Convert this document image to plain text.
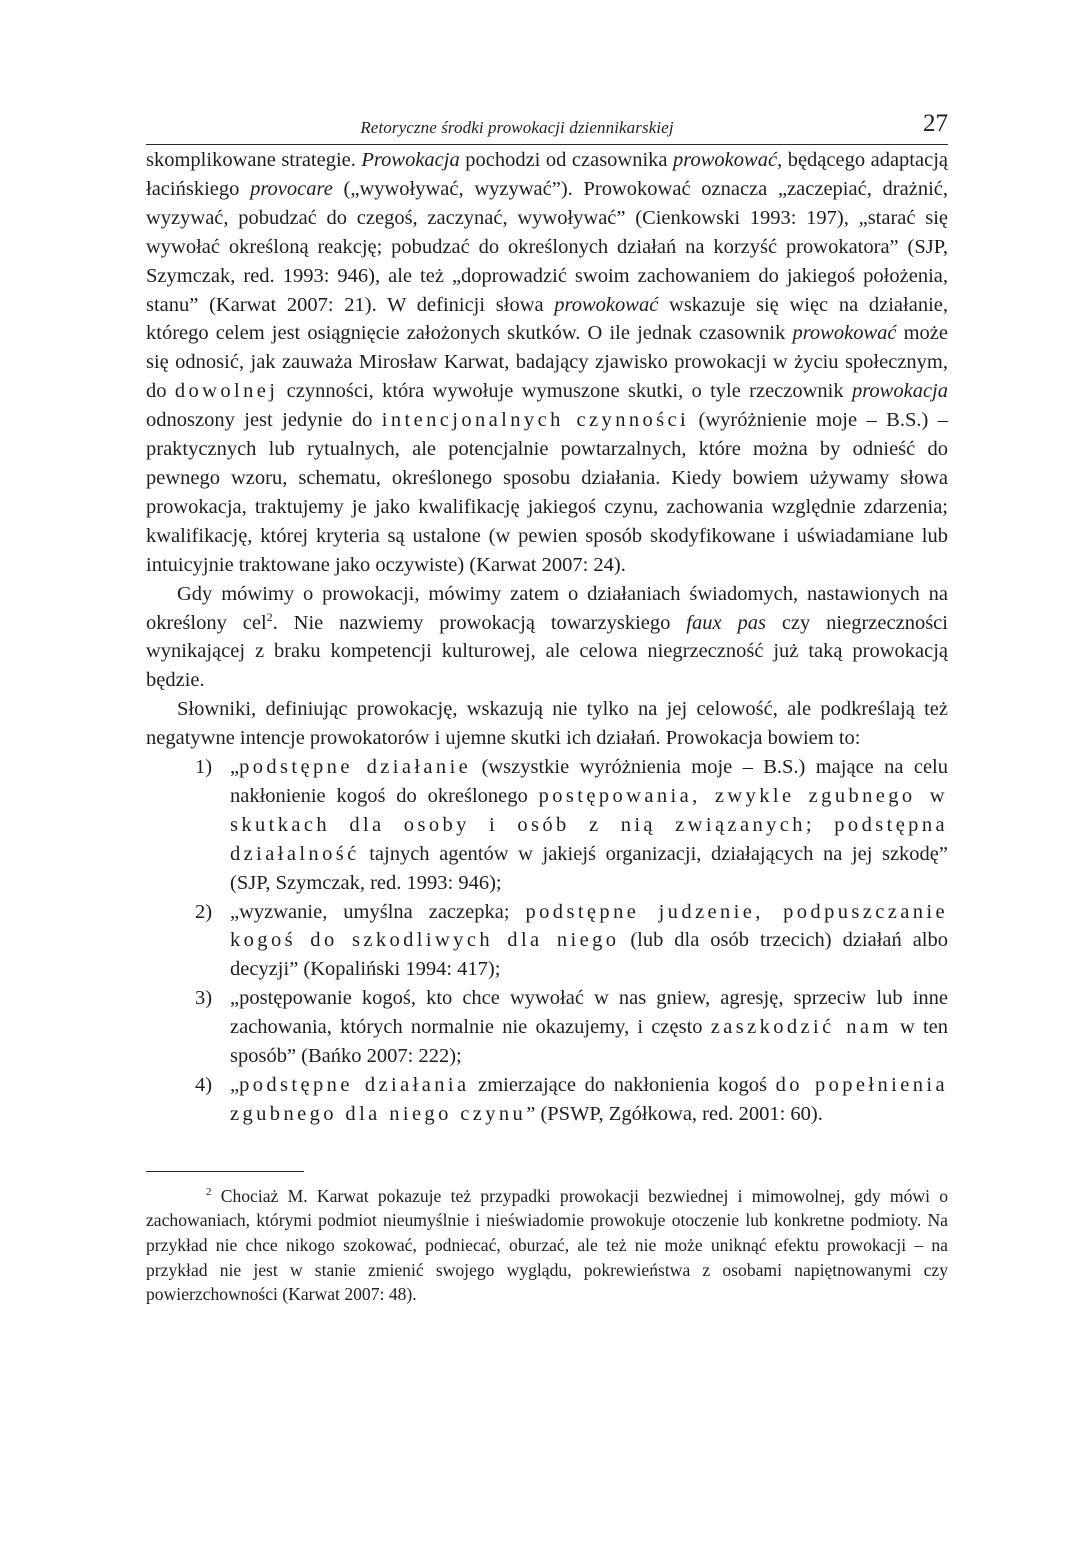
Retoryczne środki prowokacji dziennikarskiej	27

skomplikowane strategie. Prowokacja pochodzi od czasownika prowokować, będącego adaptacją łacińskiego provocare („wywoływać, wyzywać”). Prowokować oznacza „zaczepiać, drażnić, wyzywać, pobudzać do czegoś, zaczynać, wywoływać” (Cienkowski 1993: 197), „starać się wywołać określoną reakcję; pobudzać do określonych działań na korzyść prowokatora” (SJP, Szymczak, red. 1993: 946), ale też „doprowadzić swoim zachowaniem do jakiegoś położenia, stanu” (Karwat 2007: 21). W definicji słowa prowokować wskazuje się więc na działanie, którego celem jest osiągnięcie założonych skutków. O ile jednak czasownik prowokować może się odnosić, jak zauważa Mirosław Karwat, badający zjawisko prowokacji w życiu społecznym, do dowolnej czynności, która wywołuje wymuszone skutki, o tyle rzeczownik prowokacja odnoszony jest jedynie do intencjonalnych czynności (wyróżnienie moje – B.S.) – praktycznych lub rytualnych, ale potencjalnie powtarzalnych, które można by odnieść do pewnego wzoru, schematu, określonego sposobu działania. Kiedy bowiem używamy słowa prowokacja, traktujemy je jako kwalifikację jakiegoś czynu, zachowania względnie zdarzenia; kwalifikację, której kryteria są ustalone (w pewien sposób skodyfikowane i uświadamiane lub intuicyjnie traktowane jako oczywiste) (Karwat 2007: 24).

Gdy mówimy o prowokacji, mówimy zatem o działaniach świadomych, nastawionych na określony cel$^2$. Nie nazwiemy prowokacją towarzyskiego faux pas czy niegrzeczności wynikającej z braku kompetencji kulturowej, ale celowa niegrzeczność już taką prowokacją będzie.

Słowniki, definiując prowokację, wskazują nie tylko na jej celowość, ale podkreślają też negatywne intencje prowokatorów i ujemne skutki ich działań. Prowokacja bowiem to:

1) „podstępne działanie (wszystkie wyróżnienia moje – B.S.) mające na celu nakłonienie kogoś do określonego postępowania, zwykle zgubnego w skutkach dla osoby i osób z nią związanych; podstępna działalność tajnych agentów w jakiejś organizacji, działających na jej szkodę” (SJP, Szymczak, red. 1993: 946);
2) „wyzwanie, umyślna zaczepka; podstępne judzenie, podpuszczanie kogoś do szkodliwych dla niego (lub dla osób trzecich) działań albo decyzji” (Kopaliński 1994: 417);
3) „postępowanie kogoś, kto chce wywołać w nas gniew, agresję, sprzeciw lub inne zachowania, których normalnie nie okazujemy, i często zaszkodzić nam w ten sposób” (Bańko 2007: 222);
4) „podstępne działania zmierzające do nakłonienia kogoś do popełnienia zgubnego dla niego czynu” (PSWP, Zgółkowa, red. 2001: 60).

$^2$ Chociaż M. Karwat pokazuje też przypadki prowokacji bezwiednej i mimowolnej, gdy mówi o zachowaniach, którymi podmiot nieumyślnie i nieświadomie prowokuje otoczenie lub konkretne podmioty. Na przykład nie chce nikogo szokować, podniecać, oburzać, ale też nie może uniknąć efektu prowokacji – na przykład nie jest w stanie zmienić swojego wyglądu, pokrewieństwa z osobami napiętnowanymi czy powierzchowności (Karwat 2007: 48).
